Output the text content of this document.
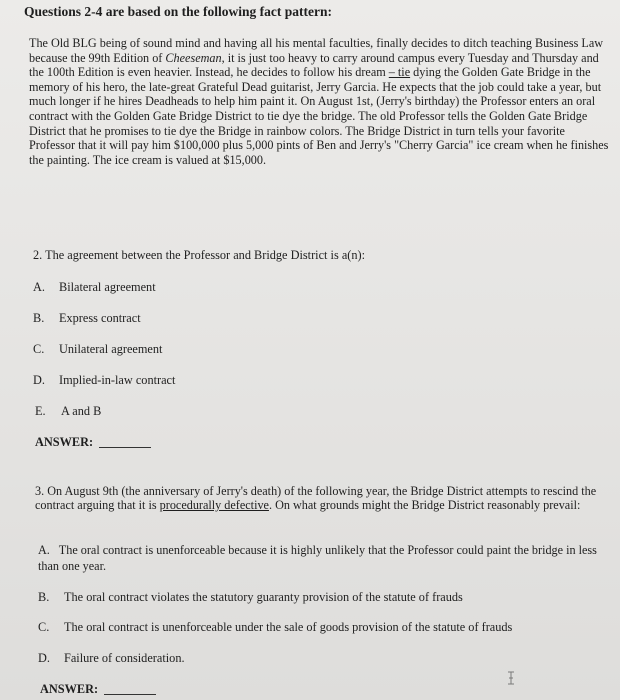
Questions 2-4 are based on the following fact pattern:

The Old BLG being of sound mind and having all his mental faculties, finally decides to ditch teaching Business Law because the 99th Edition of Cheeseman, it is just too heavy to carry around campus every Tuesday and Thursday and the 100th Edition is even heavier. Instead, he decides to follow his dream – tie dying the Golden Gate Bridge in the memory of his hero, the late-great Grateful Dead guitarist, Jerry Garcia. He expects that the job could take a year, but much longer if he hires Deadheads to help him paint it. On August 1st, (Jerry's birthday) the Professor enters an oral contract with the Golden Gate Bridge District to tie dye the bridge. The old Professor tells the Golden Gate Bridge District that he promises to tie dye the Bridge in rainbow colors. The Bridge District in turn tells your favorite Professor that it will pay him $100,000 plus 5,000 pints of Ben and Jerry's "Cherry Garcia" ice cream when he finishes the painting. The ice cream is valued at $15,000.

2. The agreement between the Professor and Bridge District is a(n):

A. Bilateral agreement
B. Express contract
C. Unilateral agreement
D. Implied-in-law contract
E. A and B
ANSWER:

3. On August 9th (the anniversary of Jerry's death) of the following year, the Bridge District attempts to rescind the contract arguing that it is procedurally defective. On what grounds might the Bridge District reasonably prevail:

A. The oral contract is unenforceable because it is highly unlikely that the Professor could paint the bridge in less than one year.

B. The oral contract violates the statutory guaranty provision of the statute of frauds
C. The oral contract is unenforceable under the sale of goods provision of the statute of frauds
D. Failure of consideration.
ANSWER:
